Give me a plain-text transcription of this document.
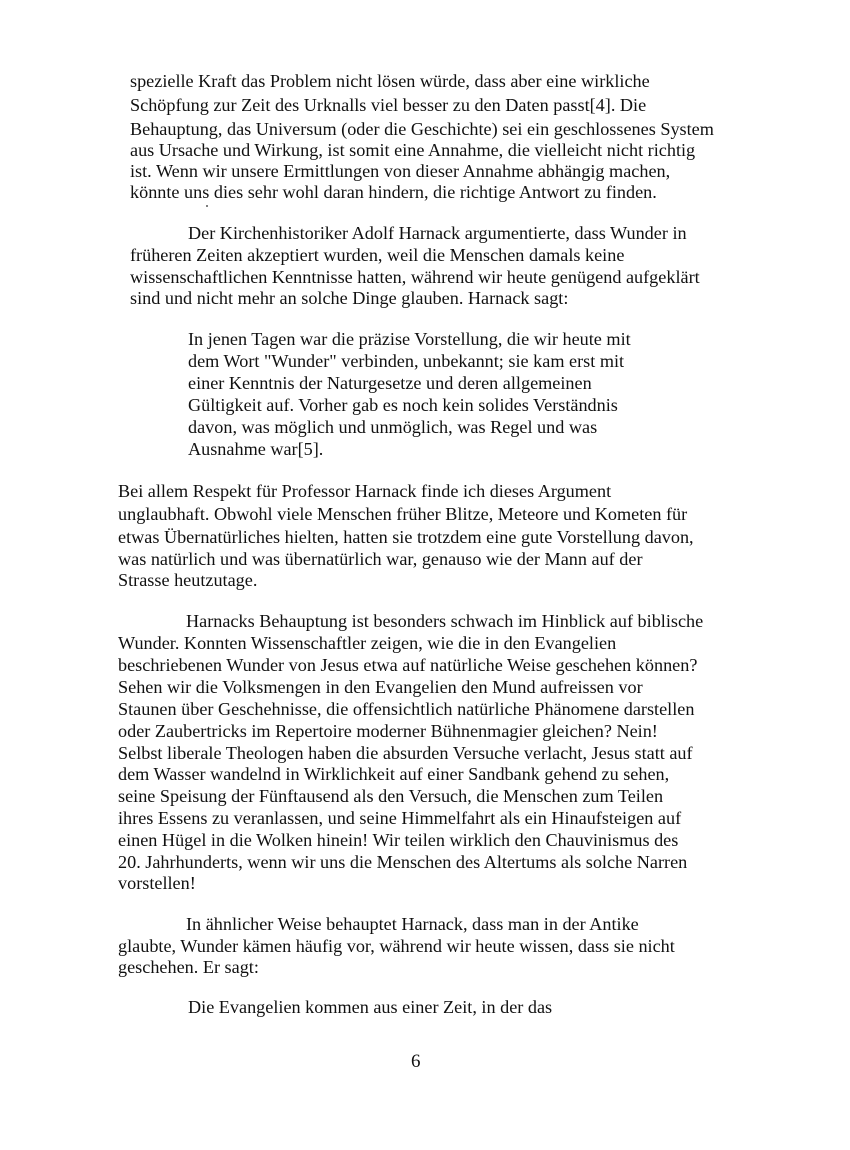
spezielle Kraft das Problem nicht lösen würde, dass aber eine wirkliche
Schöpfung zur Zeit des Urknalls viel besser zu den Daten passt[4]. Die
Behauptung, das Universum (oder die Geschichte) sei ein geschlossenes System
aus Ursache und Wirkung, ist somit eine Annahme, die vielleicht nicht richtig
ist. Wenn wir unsere Ermittlungen von dieser Annahme abhängig machen,
könnte uns dies sehr wohl daran hindern, die richtige Antwort zu finden.
Der Kirchenhistoriker Adolf Harnack argumentierte, dass Wunder in
früheren Zeiten akzeptiert wurden, weil die Menschen damals keine
wissenschaftlichen Kenntnisse hatten, während wir heute genügend aufgeklärt
sind und nicht mehr an solche Dinge glauben. Harnack sagt:
In jenen Tagen war die präzise Vorstellung, die wir heute mit
dem Wort "Wunder" verbinden, unbekannt; sie kam erst mit
einer Kenntnis der Naturgesetze und deren allgemeinen
Gültigkeit auf. Vorher gab es noch kein solides Verständnis
davon, was möglich und unmöglich, was Regel und was
Ausnahme war[5].
Bei allem Respekt für Professor Harnack finde ich dieses Argument
unglaubhaft. Obwohl viele Menschen früher Blitze, Meteore und Kometen für
etwas Übernatürliches hielten, hatten sie trotzdem eine gute Vorstellung davon,
was natürlich und was übernatürlich war, genauso wie der Mann auf der
Strasse heutzutage.
Harnacks Behauptung ist besonders schwach im Hinblick auf biblische
Wunder. Konnten Wissenschaftler zeigen, wie die in den Evangelien
beschriebenen Wunder von Jesus etwa auf natürliche Weise geschehen können?
Sehen wir die Volksmengen in den Evangelien den Mund aufreissen vor
Staunen über Geschehnisse, die offensichtlich natürliche Phänomene darstellen
oder Zaubertricks im Repertoire moderner Bühnenmagier gleichen? Nein!
Selbst liberale Theologen haben die absurden Versuche verlacht, Jesus statt auf
dem Wasser wandelnd in Wirklichkeit auf einer Sandbank gehend zu sehen,
seine Speisung der Fünftausend als den Versuch, die Menschen zum Teilen
ihres Essens zu veranlassen, und seine Himmelfahrt als ein Hinaufsteigen auf
einen Hügel in die Wolken hinein! Wir teilen wirklich den Chauvinismus des
20. Jahrhunderts, wenn wir uns die Menschen des Altertums als solche Narren
vorstellen!
In ähnlicher Weise behauptet Harnack, dass man in der Antike
glaubte, Wunder kämen häufig vor, während wir heute wissen, dass sie nicht
geschehen. Er sagt:
Die Evangelien kommen aus einer Zeit, in der das
6
